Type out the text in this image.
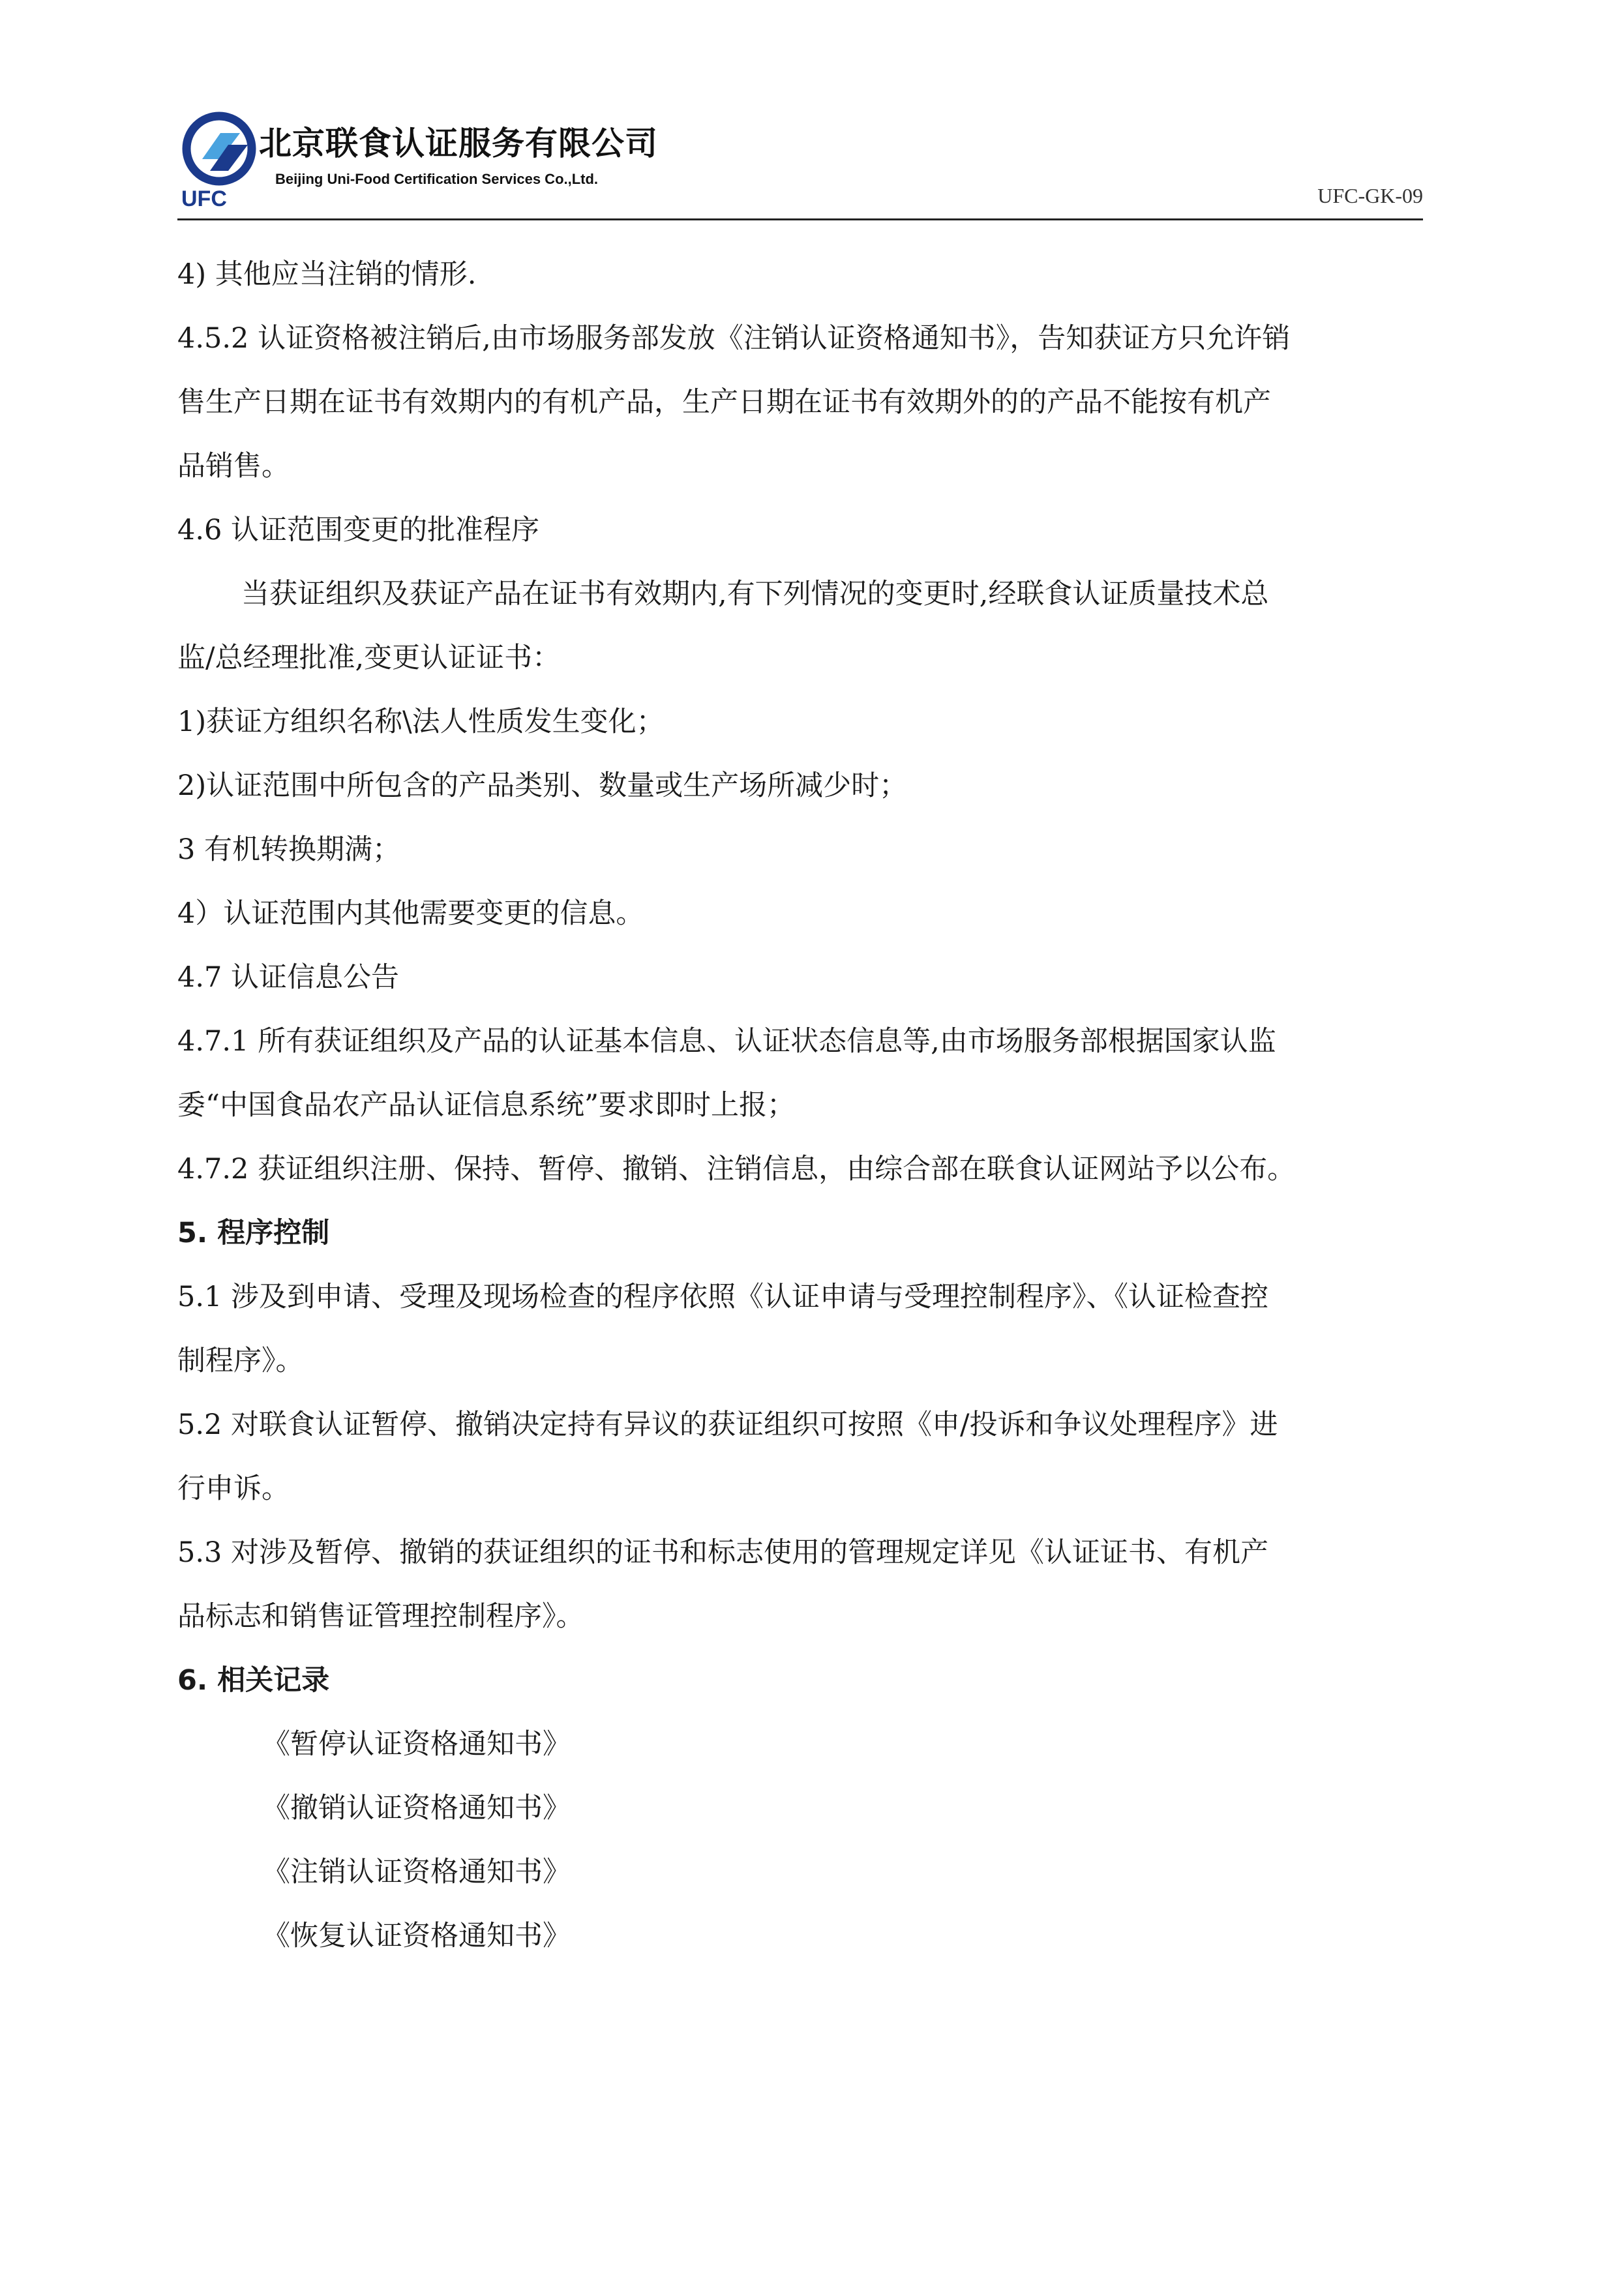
UFC
北京联食认证服务有限公司
Beijing Uni-Food Certification Services Co.,Ltd.
UFC-GK-09
4) 其他应当注销的情形.
4.5.2 认证资格被注销后,由市场服务部发放《注销认证资格通知书》，告知获证方只允许销
售生产日期在证书有效期内的有机产品，生产日期在证书有效期外的的产品不能按有机产
品销售。
4.6 认证范围变更的批准程序
当获证组织及获证产品在证书有效期内,有下列情况的变更时,经联食认证质量技术总
监/总经理批准,变更认证证书：
1)获证方组织名称\法人性质发生变化；
2)认证范围中所包含的产品类别、数量或生产场所减少时；
3 有机转换期满；
4）认证范围内其他需要变更的信息。
4.7 认证信息公告
4.7.1 所有获证组织及产品的认证基本信息、认证状态信息等,由市场服务部根据国家认监
委“中国食品农产品认证信息系统”要求即时上报；
4.7.2 获证组织注册、保持、暂停、撤销、注销信息，由综合部在联食认证网站予以公布。
5. 程序控制
5.1 涉及到申请、受理及现场检查的程序依照《认证申请与受理控制程序》、《认证检查控
制程序》。
5.2 对联食认证暂停、撤销决定持有异议的获证组织可按照《申/投诉和争议处理程序》进
行申诉。
5.3 对涉及暂停、撤销的获证组织的证书和标志使用的管理规定详见《认证证书、有机产
品标志和销售证管理控制程序》。
6. 相关记录
《暂停认证资格通知书》
《撤销认证资格通知书》
《注销认证资格通知书》
《恢复认证资格通知书》
